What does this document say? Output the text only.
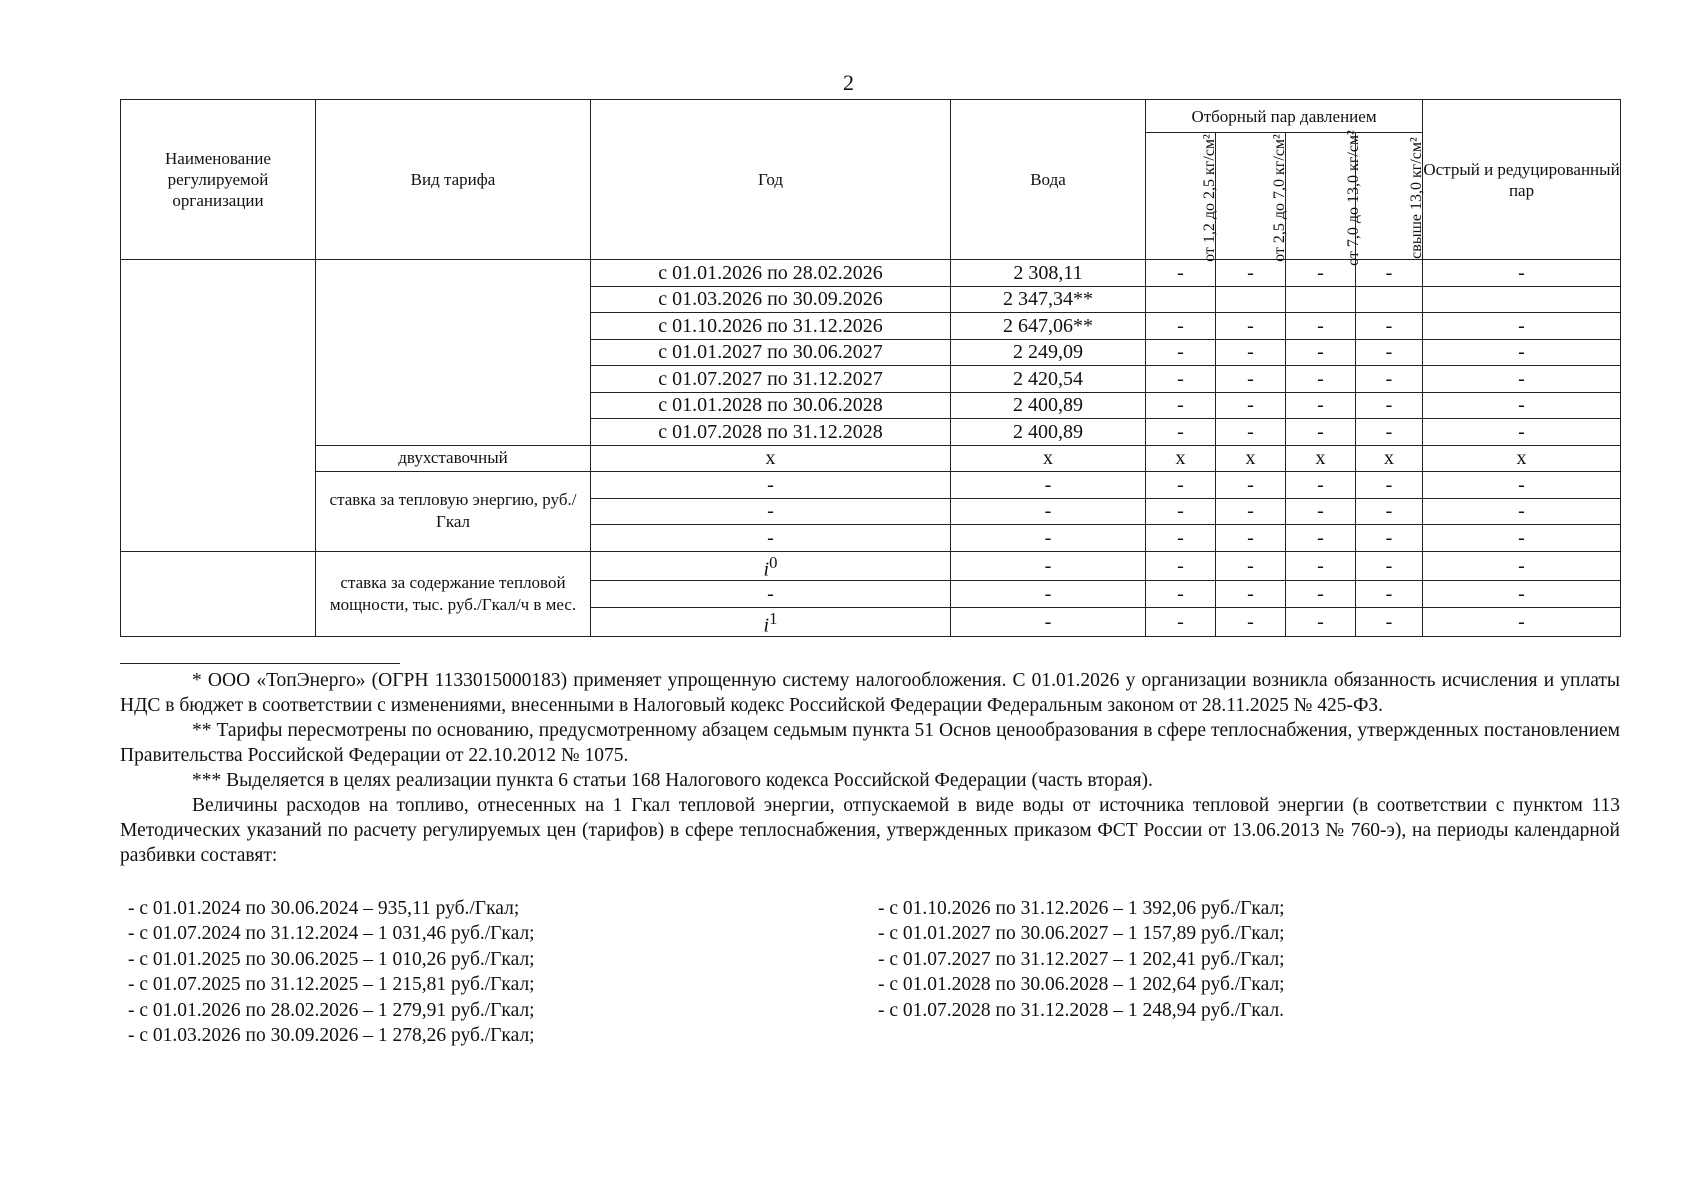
2
Наименование регулируемой организации	Вид тарифа	Год	Вода	Отборный пар давлением				Острый и редуцированный пар
				от 1,2 до 2,5 кг/см²	от 2,5 до 7,0 кг/см²	от 7,0 до 13,0 кг/см²	свыше 13,0 кг/см²	
		с 01.01.2026 по 28.02.2026	2 308,11	-	-	-	-	-
		с 01.03.2026 по 30.09.2026	2 347,34**					
		с 01.10.2026 по 31.12.2026	2 647,06**	-	-	-	-	-
		с 01.01.2027 по 30.06.2027	2 249,09	-	-	-	-	-
		с 01.07.2027 по 31.12.2027	2 420,54	-	-	-	-	-
		с 01.01.2028 по 30.06.2028	2 400,89	-	-	-	-	-
		с 01.07.2028 по 31.12.2028	2 400,89	-	-	-	-	-
	двухставочный	x	x	x	x	x	x	x
	ставка за тепловую энергию, руб./Гкал	-	-	-	-	-	-	-
		-	-	-	-	-	-	-
		-	-	-	-	-	-	-
	ставка за содержание тепловой мощности, тыс. руб./Гкал/ч в мес.	$i^0$	-	-	-	-	-	-
		-	-	-	-	-	-	-
		$i^1$	-	-	-	-	-	-

* ООО «ТопЭнерго» (ОГРН 1133015000183) применяет упрощенную систему налогообложения. С 01.01.2026 у организации возникла обязанность исчисления и уплаты НДС в бюджет в соответствии с изменениями, внесенными в Налоговый кодекс Российской Федерации Федеральным законом от 28.11.2025 № 425-ФЗ.

** Тарифы пересмотрены по основанию, предусмотренному абзацем седьмым пункта 51 Основ ценообразования в сфере теплоснабжения, утвержденных постановлением Правительства Российской Федерации от 22.10.2012 № 1075.

*** Выделяется в целях реализации пункта 6 статьи 168 Налогового кодекса Российской Федерации (часть вторая).

Величины расходов на топливо, отнесенных на 1 Гкал тепловой энергии, отпускаемой в виде воды от источника тепловой энергии (в соответствии с пунктом 113 Методических указаний по расчету регулируемых цен (тарифов) в сфере теплоснабжения, утвержденных приказом ФСТ России от 13.06.2013 № 760-э), на периоды календарной разбивки составят:

- с 01.01.2024 по 30.06.2024 – 935,11 руб./Гкал;
- с 01.07.2024 по 31.12.2024 – 1 031,46 руб./Гкал;
- с 01.01.2025 по 30.06.2025 – 1 010,26 руб./Гкал;
- с 01.07.2025 по 31.12.2025 – 1 215,81 руб./Гкал;
- с 01.01.2026 по 28.02.2026 – 1 279,91 руб./Гкал;
- с 01.03.2026 по 30.09.2026 – 1 278,26 руб./Гкал;
- с 01.10.2026 по 31.12.2026 – 1 392,06 руб./Гкал;
- с 01.01.2027 по 30.06.2027 – 1 157,89 руб./Гкал;
- с 01.07.2027 по 31.12.2027 – 1 202,41 руб./Гкал;
- с 01.01.2028 по 30.06.2028 – 1 202,64 руб./Гкал;
- с 01.07.2028 по 31.12.2028 – 1 248,94 руб./Гкал.
